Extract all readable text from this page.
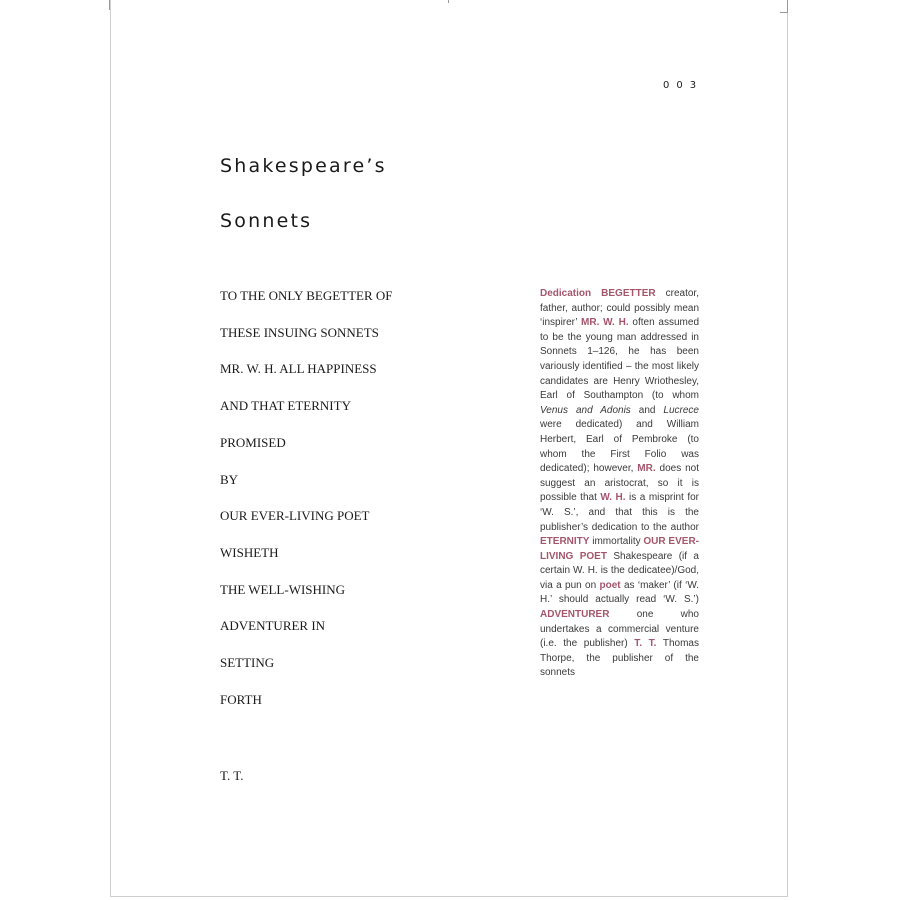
003
Shakespeare’s
Sonnets
TO THE ONLY BEGETTER OF
THESE INSUING SONNETS
MR. W. H. ALL HAPPINESS
AND THAT ETERNITY
PROMISED
BY
OUR EVER-LIVING POET
WISHETH
THE WELL-WISHING
ADVENTURER IN
SETTING
FORTH
T. T.

Dedication BEGETTER creator, father, author; could possibly mean ‘inspirer’ MR. W. H. often assumed to be the young man addressed in Sonnets 1–126, he has been variously identified – the most likely candidates are Henry Wriothesley, Earl of Southampton (to whom Venus and Adonis and Lucrece were dedicated) and William Herbert, Earl of Pembroke (to whom the First Folio was dedicated); however, MR. does not suggest an aristocrat, so it is possible that W. H. is a misprint for ‘W. S.’, and that this is the publisher’s dedication to the author ETERNITY immortality OUR EVER-LIVING POET Shakespeare (if a certain W. H. is the dedicatee)/God, via a pun on poet as ‘maker’ (if ‘W. H.’ should actually read ‘W. S.’) ADVENTURER one who undertakes a commercial venture (i.e. the publisher) T. T. Thomas Thorpe, the publisher of the sonnets
